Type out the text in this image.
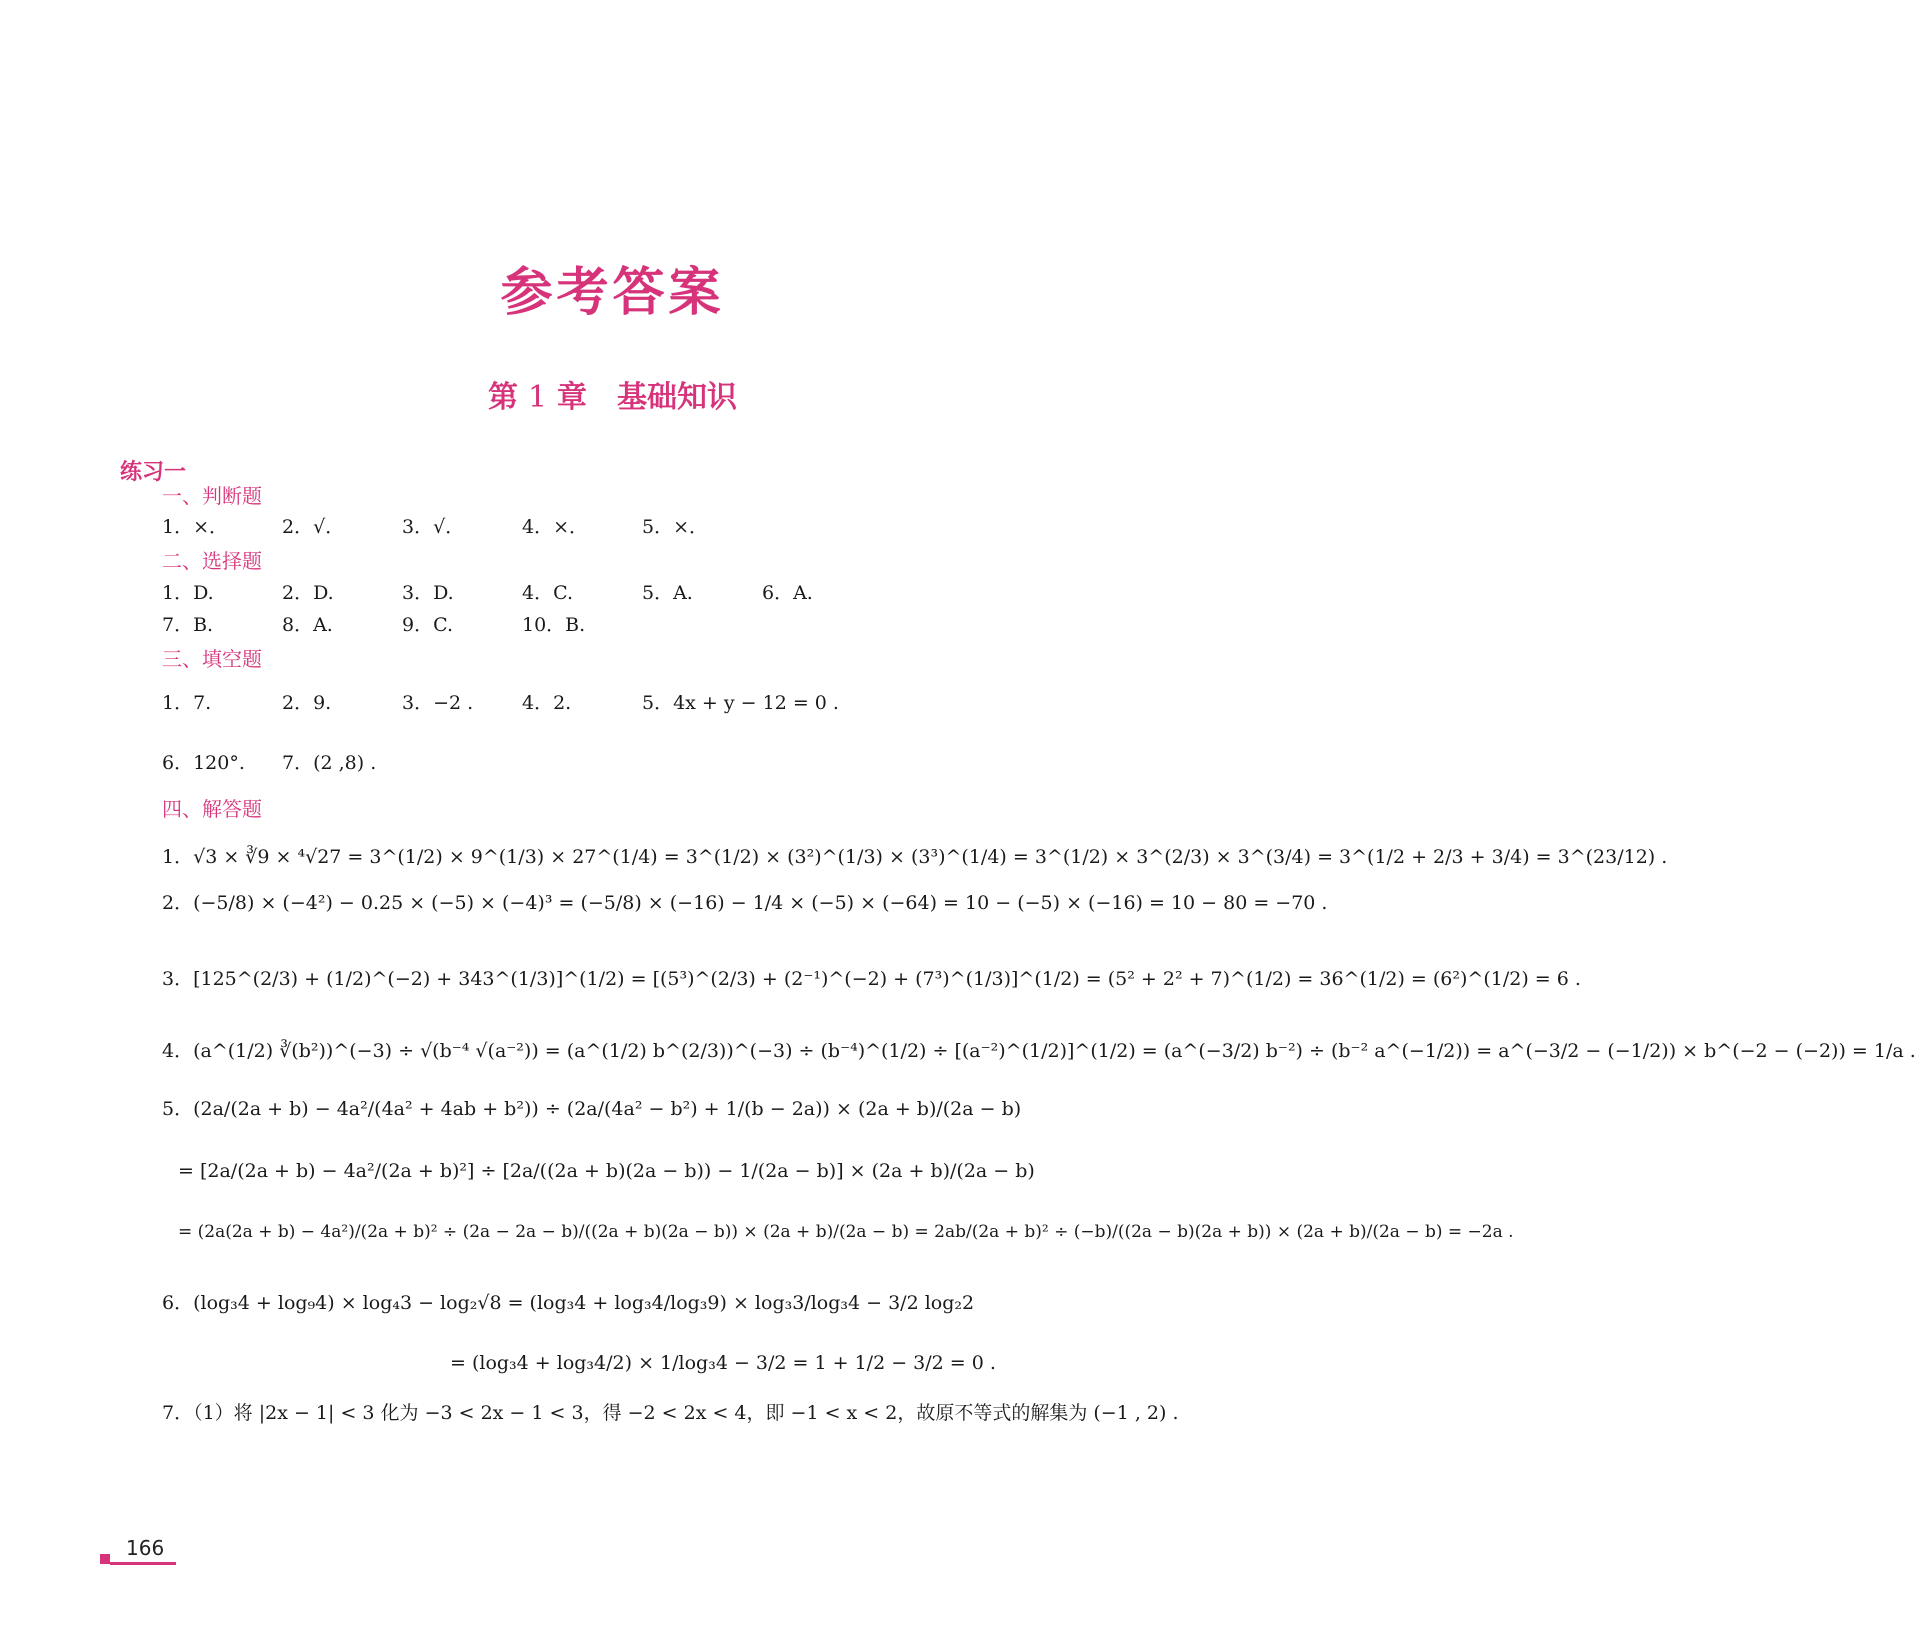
参考答案
第 1 章 基础知识
练习一
一、判断题
1．×．	2．√．	3．√．	4．×．	5．×．
二、选择题
1．D.	2．D.	3．D.	4．C.	5．A.	6．A.
7．B.	8．A.	9．C.	10．B.
三、填空题
1．7.	2．9.	3．−2 .	4．2.	5．4x + y − 12 = 0 .
6．120°. 7．(2 ,8) .
四、解答题
1．√3 × ∛9 × ⁴√27 = 3^(1/2) × 9^(1/3) × 27^(1/4) = 3^(1/2) × (3²)^(1/3) × (3³)^(1/4) = 3^(1/2) × 3^(2/3) × 3^(3/4) = 3^(1/2 + 2/3 + 3/4) = 3^(23/12) .
2．(−5/8) × (−4²) − 0.25 × (−5) × (−4)³ = (−5/8) × (−16) − 1/4 × (−5) × (−64) = 10 − (−5) × (−16) = 10 − 80 = −70 .
3．[125^(2/3) + (1/2)^(−2) + 343^(1/3)]^(1/2) = [(5³)^(2/3) + (2⁻¹)^(−2) + (7³)^(1/3)]^(1/2) = (5² + 2² + 7)^(1/2) = 36^(1/2) = (6²)^(1/2) = 6 .
4．(a^(1/2) ∛(b²))^(−3) ÷ √(b⁻⁴ √(a⁻²)) = (a^(1/2) b^(2/3))^(−3) ÷ (b⁻⁴)^(1/2) ÷ [(a⁻²)^(1/2)]^(1/2) = (a^(−3/2) b⁻²) ÷ (b⁻² a^(−1/2)) = a^(−3/2 − (−1/2)) × b^(−2 − (−2)) = 1/a .
5．(2a/(2a + b) − 4a²/(4a² + 4ab + b²)) ÷ (2a/(4a² − b²) + 1/(b − 2a)) × (2a + b)/(2a − b)
= [2a/(2a + b) − 4a²/(2a + b)²] ÷ [2a/((2a + b)(2a − b)) − 1/(2a − b)] × (2a + b)/(2a − b)
= (2a(2a + b) − 4a²)/(2a + b)² ÷ (2a − 2a − b)/((2a + b)(2a − b)) × (2a + b)/(2a − b) = 2ab/(2a + b)² ÷ (−b)/((2a − b)(2a + b)) × (2a + b)/(2a − b) = −2a .
6．(log₃4 + log₉4) × log₄3 − log₂√8 = (log₃4 + log₃4/log₃9) × log₃3/log₃4 − 3/2 log₂2
= (log₃4 + log₃4/2) × 1/log₃4 − 3/2 = 1 + 1/2 − 3/2 = 0 .
7．（1）将 |2x − 1| < 3 化为 −3 < 2x − 1 < 3，得 −2 < 2x < 4，即 −1 < x < 2，故原不等式的解集为 (−1 , 2) .
166
